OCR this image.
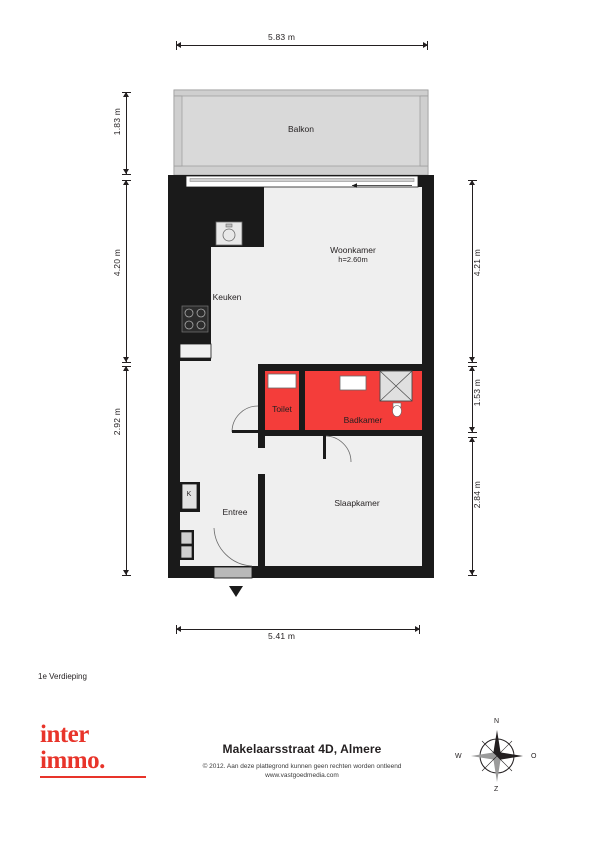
Balkon
Woonkamer
h=2.60m
Keuken
Toilet
Badkamer
Slaapkamer
Entree
K
5.83 m
1.83 m
4.20 m
2.92 m
4.21 m
1.53 m
2.84 m
5.41 m
1e Verdieping
inter
immo.	Makelaarsstraat 4D, Almere
© 2012. Aan deze plattegrond kunnen geen rechten worden ontleend
www.vastgoedmedia.com
N
O
Z
W
